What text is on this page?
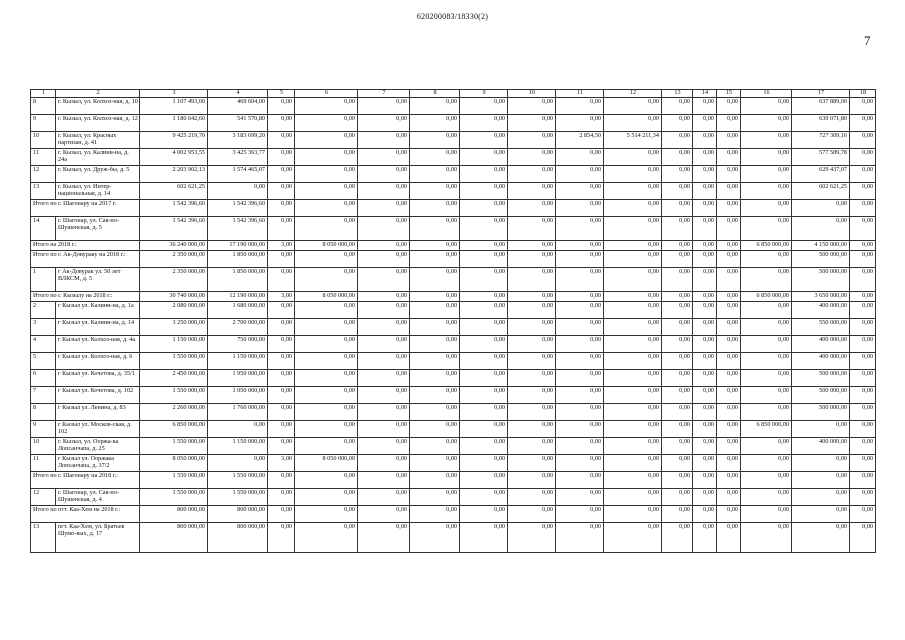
620200083/18330(2)
7
1	2	3	4	5	6	7	8	9	10	11	12	13	14	15	16	17	18
8	г. Кызыл, ул. Колхоз-ная, д. 10	1 107 493,00	469 604,00	0,00	0,00	0,00	0,00	0,00	0,00	0,00	0,00	0,00	0,00	0,00	0,00	637 889,00	0,00
9	г. Кызыл, ул. Колхоз-ная, д. 12	1 180 642,60	541 570,80	0,00	0,00	0,00	0,00	0,00	0,00	0,00	0,00	0,00	0,00	0,00	0,00	639 071,80	0,00
10	г. Кызыл, ул. Красных партизан, д. 41	9 425 219,70	3 183 699,20	0,00	0,00	0,00	0,00	0,00	0,00	2 854,50	5 514 211,34	0,00	0,00	0,00	0,00	727 309,16	0,00
11	г. Кызыл, ул. Калини-на, д. 24а	4 002 953,55	3 425 363,77	0,00	0,00	0,00	0,00	0,00	0,00	0,00	0,00	0,00	0,00	0,00	0,00	577 589,78	0,00
12	г. Кызыл, ул. Друж-бы, д. 5	2 203 902,13	1 574 465,07	0,00	0,00	0,00	0,00	0,00	0,00	0,00	0,00	0,00	0,00	0,00	0,00	629 437,07	0,00
13	г. Кызыл, ул. Интер-национальная, д. 14	602 621,25	0,00	0,00	0,00	0,00	0,00	0,00	0,00	0,00	0,00	0,00	0,00	0,00	0,00	602 621,25	0,00
Итого по г. Шагонару на 2017 г.		1 542 396,60	1 542 396,60	0,00	0,00	0,00	0,00	0,00	0,00	0,00	0,00	0,00	0,00	0,00	0,00	0,00	0,00
14	г. Шагонар, ул. Сая-но-Шушенская, д. 5	1 542 396,60	1 542 396,60	0,00	0,00	0,00	0,00	0,00	0,00	0,00	0,00	0,00	0,00	0,00	0,00	0,00	0,00
Итого на 2018 г.:		36 240 000,00	17 190 000,00	3,00	8 050 000,00	0,00	0,00	0,00	0,00	0,00	0,00	0,00	0,00	0,00	6 850 000,00	4 150 000,00	0,00
Итого по г. Ак-Довураку на 2018 г.:		2 350 000,00	1 850 000,00	0,00	0,00	0,00	0,00	0,00	0,00	0,00	0,00	0,00	0,00	0,00	0,00	500 000,00	0,00
1	г Ак-Довурак ул. 50 лет ВЛКСМ, д. 5	2 350 000,00	1 850 000,00	0,00	0,00	0,00	0,00	0,00	0,00	0,00	0,00	0,00	0,00	0,00	0,00	500 000,00	0,00
Итого по г. Кызылу на 2018 г.:		30 740 000,00	12 190 000,00	3,00	8 050 000,00	0,00	0,00	0,00	0,00	0,00	0,00	0,00	0,00	0,00	6 850 000,00	3 650 000,00	0,00
2	г Кызыл ул. Калини-на, д. 1а	2 080 000,00	1 680 000,00	0,00	0,00	0,00	0,00	0,00	0,00	0,00	0,00	0,00	0,00	0,00	0,00	400 000,00	0,00
3	г Кызыл ул. Калини-на, д. 14	3 250 000,00	2 700 000,00	0,00	0,00	0,00	0,00	0,00	0,00	0,00	0,00	0,00	0,00	0,00	0,00	550 000,00	0,00
4	г Кызыл ул. Колхоз-ная, д. 4а	1 150 000,00	750 000,00	0,00	0,00	0,00	0,00	0,00	0,00	0,00	0,00	0,00	0,00	0,00	0,00	400 000,00	0,00
5	г Кызыл ул. Колхоз-ная, д. 6	1 550 000,00	1 150 000,00	0,00	0,00	0,00	0,00	0,00	0,00	0,00	0,00	0,00	0,00	0,00	0,00	400 000,00	0,00
6	г Кызыл ул. Кочетова, д. 35/1	2 450 000,00	1 950 000,00	0,00	0,00	0,00	0,00	0,00	0,00	0,00	0,00	0,00	0,00	0,00	0,00	500 000,00	0,00
7	г Кызыл ул. Кочетова, д. 102	1 550 000,00	1 050 000,00	0,00	0,00	0,00	0,00	0,00	0,00	0,00	0,00	0,00	0,00	0,00	0,00	500 000,00	0,00
8	г Кызыл ул. Ленина, д. 83	2 260 000,00	1 760 000,00	0,00	0,00	0,00	0,00	0,00	0,00	0,00	0,00	0,00	0,00	0,00	0,00	500 000,00	0,00
9	г Кызыл ул. Москов-ская, д. 102	6 850 000,00	0,00	0,00	0,00	0,00	0,00	0,00	0,00	0,00	0,00	0,00	0,00	0,00	6 850 000,00	0,00	0,00
10	г. Кызыл, ул. Ооржа-ка Лопсанчапа, д. 25	1 550 000,00	1 150 000,00	0,00	0,00	0,00	0,00	0,00	0,00	0,00	0,00	0,00	0,00	0,00	0,00	400 000,00	0,00
11	г Кызыл ул. Ооржака Лопсанчапа, д. 37/2	8 050 000,00	0,00	3,00	8 050 000,00	0,00	0,00	0,00	0,00	0,00	0,00	0,00	0,00	0,00	0,00	0,00	0,00
Итого по г. Шагонару на 2018 г.:		1 550 000,00	1 550 000,00	0,00	0,00	0,00	0,00	0,00	0,00	0,00	0,00	0,00	0,00	0,00	0,00	0,00	0,00
12	г. Шагонар, ул. Сая-но-Шушенская, д. 4	1 550 000,00	1 550 000,00	0,00	0,00	0,00	0,00	0,00	0,00	0,00	0,00	0,00	0,00	0,00	0,00	0,00	0,00
Итого по пгт. Каа-Хем на 2018 г.:		800 000,00	800 000,00	0,00	0,00	0,00	0,00	0,00	0,00	0,00	0,00	0,00	0,00	0,00	0,00	0,00	0,00
13	пгт. Каа-Хем, ул. Братьев Шумо-вых, д. 17	800 000,00	800 000,00	0,00	0,00	0,00	0,00	0,00	0,00	0,00	0,00	0,00	0,00	0,00	0,00	0,00	0,00
